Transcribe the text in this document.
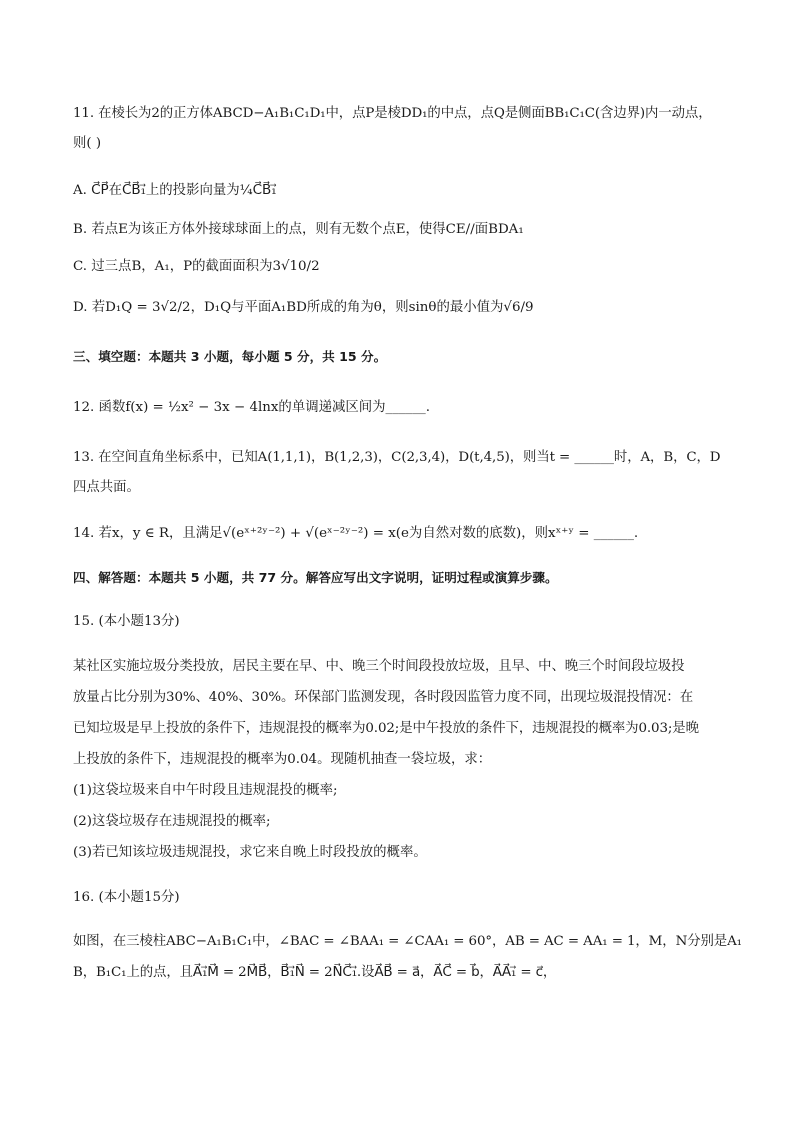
11. 在棱长为2的正方体ABCD−A₁B₁C₁D₁中，点P是棱DD₁的中点，点Q是侧面BB₁C₁C(含边界)内一动点，
则( )
A. C⃗P⃗在C⃗B⃗₁⃗上的投影向量为¼C⃗B⃗₁⃗
B. 若点E为该正方体外接球球面上的点，则有无数个点E，使得CE//面BDA₁
C. 过三点B，A₁，P的截面面积为3√10/2
D. 若D₁Q = 3√2/2，D₁Q与平面A₁BD所成的角为θ，则sinθ的最小值为√6/9
三、填空题：本题共 3 小题，每小题 5 分，共 15 分。
12. 函数f(x) = ½x² − 3x − 4lnx的单调递减区间为______.
13. 在空间直角坐标系中，已知A(1,1,1)，B(1,2,3)，C(2,3,4)，D(t,4,5)，则当t = ______时，A，B，C，D
四点共面。
14. 若x，y ∈ R，且满足√(eˣ⁺²ʸ⁻²) + √(eˣ⁻²ʸ⁻²) = x(e为自然对数的底数)，则xˣ⁺ʸ = ______.
四、解答题：本题共 5 小题，共 77 分。解答应写出文字说明，证明过程或演算步骤。
15. (本小题13分)
某社区实施垃圾分类投放，居民主要在早、中、晚三个时间段投放垃圾，且早、中、晚三个时间段垃圾投
放量占比分别为30%、40%、30%。环保部门监测发现，各时段因监管力度不同，出现垃圾混投情况：在
已知垃圾是早上投放的条件下，违规混投的概率为0.02;是中午投放的条件下，违规混投的概率为0.03;是晚
上投放的条件下，违规混投的概率为0.04。现随机抽查一袋垃圾，求：
(1)这袋垃圾来自中午时段且违规混投的概率;
(2)这袋垃圾存在违规混投的概率;
(3)若已知该垃圾违规混投，求它来自晚上时段投放的概率。
16. (本小题15分)
如图，在三棱柱ABC−A₁B₁C₁中，∠BAC = ∠BAA₁ = ∠CAA₁ = 60°，AB = AC = AA₁ = 1，M，N分别是A₁
B，B₁C₁上的点，且A⃗₁⃗M⃗ = 2M⃗B⃗，B⃗₁⃗N⃗ = 2N⃗C⃗₁⃗.设A⃗B⃗ = a⃗，A⃗C⃗ = b⃗，A⃗A⃗₁⃗ = c⃗，
